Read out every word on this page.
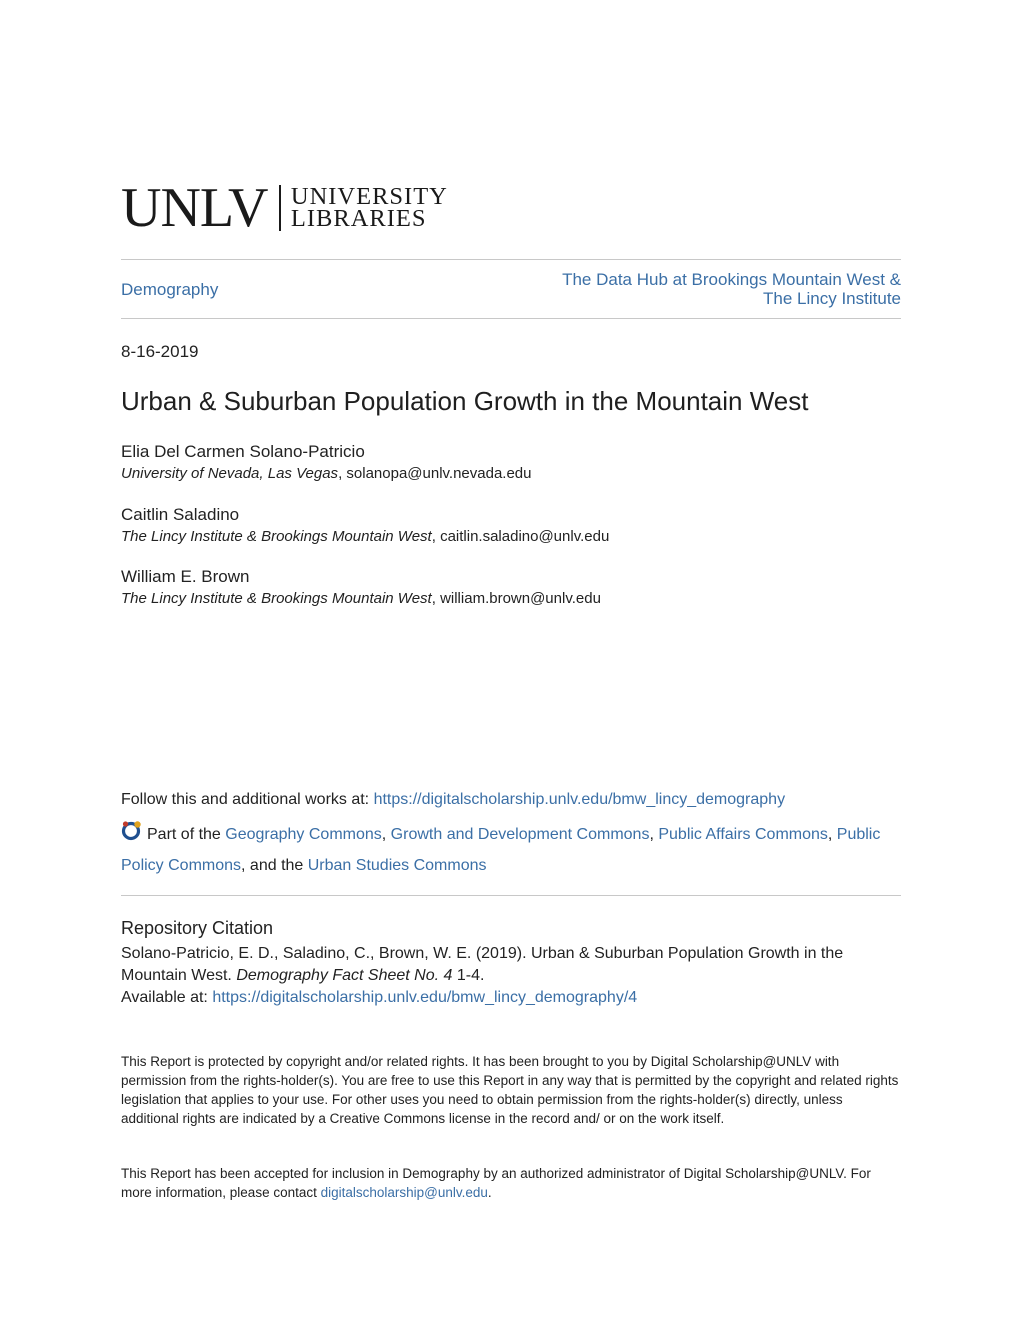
UNLV UNIVERSITY
LIBRARIES
Demography
The Data Hub at Brookings Mountain West &
The Lincy Institute
8-16-2019
Urban & Suburban Population Growth in the Mountain West
Elia Del Carmen Solano-Patricio
University of Nevada, Las Vegas, solanopa@unlv.nevada.edu
Caitlin Saladino
The Lincy Institute & Brookings Mountain West, caitlin.saladino@unlv.edu
William E. Brown
The Lincy Institute & Brookings Mountain West, william.brown@unlv.edu
Follow this and additional works at: https://digitalscholarship.unlv.edu/bmw_lincy_demography
Part of the Geography Commons, Growth and Development Commons, Public Affairs Commons, Public Policy Commons, and the Urban Studies Commons
Repository Citation
Solano-Patricio, E. D., Saladino, C., Brown, W. E. (2019). Urban & Suburban Population Growth in the Mountain West. Demography Fact Sheet No. 4 1-4.
Available at: https://digitalscholarship.unlv.edu/bmw_lincy_demography/4
This Report is protected by copyright and/or related rights. It has been brought to you by Digital Scholarship@UNLV with permission from the rights-holder(s). You are free to use this Report in any way that is permitted by the copyright and related rights legislation that applies to your use. For other uses you need to obtain permission from the rights-holder(s) directly, unless additional rights are indicated by a Creative Commons license in the record and/ or on the work itself.
This Report has been accepted for inclusion in Demography by an authorized administrator of Digital Scholarship@UNLV. For more information, please contact digitalscholarship@unlv.edu.
